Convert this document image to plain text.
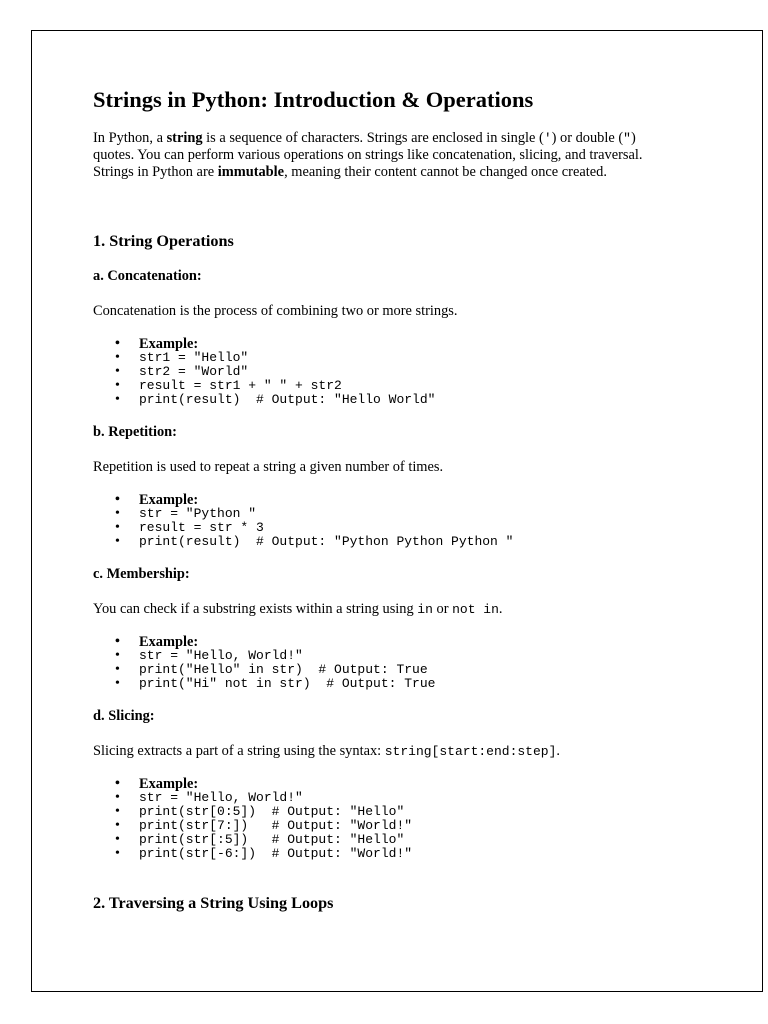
Strings in Python: Introduction & Operations

In Python, a string is a sequence of characters. Strings are enclosed in single (') or double (") quotes. You can perform various operations on strings like concatenation, slicing, and traversal. Strings in Python are immutable, meaning their content cannot be changed once created.

1. String Operations
a. Concatenation:

Concatenation is the process of combining two or more strings.

• Example:
• str1 = "Hello"
• str2 = "World"
• result = str1 + " " + str2
• print(result)  # Output: "Hello World"
b. Repetition:

Repetition is used to repeat a string a given number of times.

• Example:
• str = "Python "
• result = str * 3
• print(result)  # Output: "Python Python Python "
c. Membership:

You can check if a substring exists within a string using in or not in.

• Example:
• str = "Hello, World!"
• print("Hello" in str)  # Output: True
• print("Hi" not in str)  # Output: True
d. Slicing:

Slicing extracts a part of a string using the syntax: string[start:end:step].

• Example:
• str = "Hello, World!"
• print(str[0:5])  # Output: "Hello"
• print(str[7:])   # Output: "World!"
• print(str[:5])   # Output: "Hello"
• print(str[-6:])  # Output: "World!"
2. Traversing a String Using Loops
